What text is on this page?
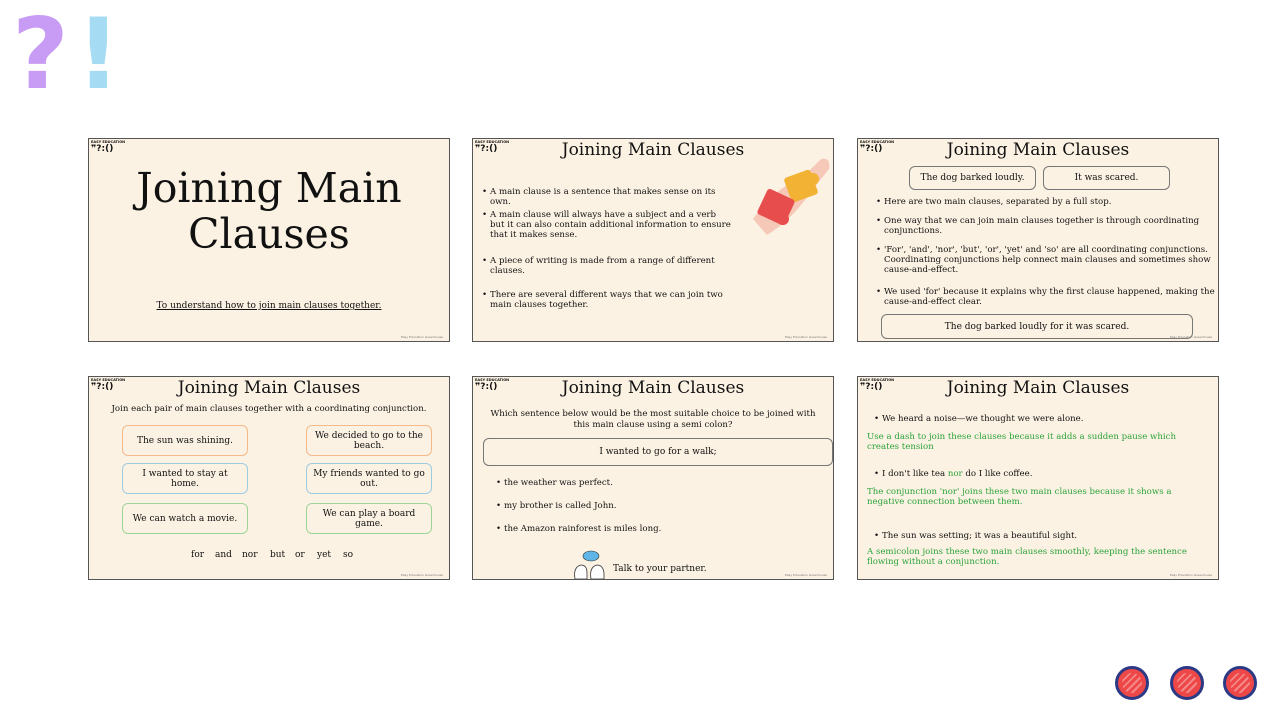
? !
EASY EDUCATION
❞?:()
Joining Main
Clauses
To understand how to join main clauses together.
Easy Education Greenhouse
EASY EDUCATION
❞?:()	Joining Main Clauses
• A main clause is a sentence that makes sense on its own.
• A main clause will always have a subject and a verb but it can also contain additional information to ensure that it makes sense.
• A piece of writing is made from a range of different clauses.
• There are several different ways that we can join two main clauses together.
Easy Education Greenhouse
EASY EDUCATION
❞?:()	Joining Main Clauses
The dog barked loudly.	It was scared.
• Here are two main clauses, separated by a full stop.
• One way that we can join main clauses together is through coordinating conjunctions.
• 'For', 'and', 'nor', 'but', 'or', 'yet' and 'so' are all coordinating conjunctions. Coordinating conjunctions help connect main clauses and sometimes show cause-and-effect.
• We used 'for' because it explains why the first clause happened, making the cause-and-effect clear.
The dog barked loudly for it was scared.
Easy Education Greenhouse
EASY EDUCATION
❞?:()	Joining Main Clauses
Join each pair of main clauses together with a coordinating conjunction.
The sun was shining.
I wanted to stay at home.
We can watch a movie.
We decided to go to the beach.
My friends wanted to go out.
We can play a board game.
for and nor but or yet so
Easy Education Greenhouse
EASY EDUCATION
❞?:()	Joining Main Clauses
Which sentence below would be the most suitable choice to be joined with this main clause using a semi colon?
I wanted to go for a walk;
• the weather was perfect.
• my brother is called John.
• the Amazon rainforest is miles long.
Talk to your partner.
Easy Education Greenhouse
EASY EDUCATION
❞?:()	Joining Main Clauses
• We heard a noise—we thought we were alone.
Use a dash to join these clauses because it adds a sudden pause which creates tension
• I don't like tea nor do I like coffee.
The conjunction 'nor' joins these two main clauses because it shows a negative connection between them.
• The sun was setting; it was a beautiful sight.
A semicolon joins these two main clauses smoothly, keeping the sentence flowing without a conjunction.
Easy Education Greenhouse
